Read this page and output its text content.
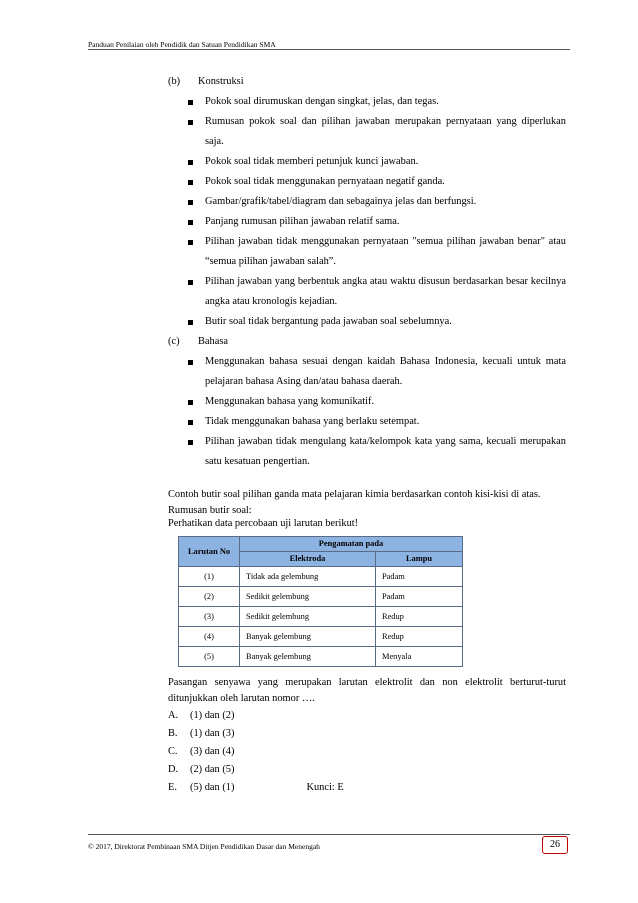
Panduan Penilaian oleh Pendidik dan Satuan Pendidikan SMA
(b) Konstruksi
Pokok soal dirumuskan dengan singkat, jelas, dan tegas.
Rumusan pokok soal dan pilihan jawaban merupakan pernyataan yang diperlukan saja.
Pokok soal tidak memberi petunjuk kunci jawaban.
Pokok soal tidak menggunakan pernyataan negatif ganda.
Gambar/grafik/tabel/diagram dan sebagainya jelas dan berfungsi.
Panjang rumusan pilihan jawaban relatif sama.
Pilihan jawaban tidak menggunakan pernyataan "semua pilihan jawaban benar" atau “semua pilihan jawaban salah”.
Pilihan jawaban yang berbentuk angka atau waktu disusun berdasarkan besar kecilnya angka atau kronologis kejadian.
Butir soal tidak bergantung pada jawaban soal sebelumnya.
(c) Bahasa
Menggunakan bahasa sesuai dengan kaidah Bahasa Indonesia, kecuali untuk mata pelajaran bahasa Asing dan/atau bahasa daerah.
Menggunakan bahasa yang komunikatif.
Tidak menggunakan bahasa yang berlaku setempat.
Pilihan jawaban tidak mengulang kata/kelompok kata yang sama, kecuali merupakan satu kesatuan pengertian.
Contoh butir soal pilihan ganda mata pelajaran kimia berdasarkan contoh kisi-kisi di atas.
Rumusan butir soal:
Perhatikan data percobaan uji larutan berikut!
Larutan No	Pengamatan pada	
	Elektroda	Lampu
(1)	Tidak ada gelembung	Padam
(2)	Sedikit gelembung	Padam
(3)	Sedikit gelembung	Redup
(4)	Banyak gelembung	Redup
(5)	Banyak gelembung	Menyala
Pasangan senyawa yang merupakan larutan elektrolit dan non elektrolit berturut-turut ditunjukkan oleh larutan nomor ….
A. (1) dan (2)
B. (1) dan (3)
C. (3) dan (4)
D. (2) dan (5)
E. (5) dan (1)	Kunci: E
© 2017, Direktorat Pembinaan SMA Ditjen Pendidikan Dasar dan Menengah	26
